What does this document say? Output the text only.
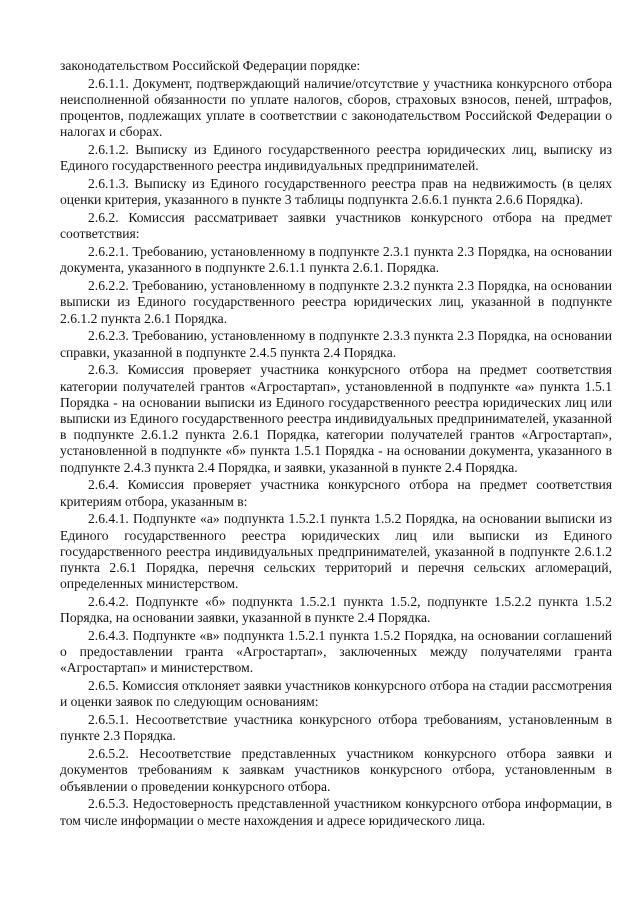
законодательством Российской Федерации порядке:

2.6.1.1. Документ, подтверждающий наличие/отсутствие у участника конкурсного отбора неисполненной обязанности по уплате налогов, сборов, страховых взносов, пеней, штрафов, процентов, подлежащих уплате в соответствии с законодательством Российской Федерации о налогах и сборах.

2.6.1.2. Выписку из Единого государственного реестра юридических лиц, выписку из Единого государственного реестра индивидуальных предпринимателей.

2.6.1.3. Выписку из Единого государственного реестра прав на недвижимость (в целях оценки критерия, указанного в пункте 3 таблицы подпункта 2.6.6.1 пункта 2.6.6 Порядка).

2.6.2. Комиссия рассматривает заявки участников конкурсного отбора на предмет соответствия:

2.6.2.1. Требованию, установленному в подпункте 2.3.1 пункта 2.3 Порядка, на основании документа, указанного в подпункте 2.6.1.1 пункта 2.6.1. Порядка.

2.6.2.2. Требованию, установленному в подпункте 2.3.2 пункта 2.3 Порядка, на основании выписки из Единого государственного реестра юридических лиц, указанной в подпункте 2.6.1.2 пункта 2.6.1 Порядка.

2.6.2.3. Требованию, установленному в подпункте 2.3.3 пункта 2.3 Порядка, на основании справки, указанной в подпункте 2.4.5 пункта 2.4 Порядка.

2.6.3. Комиссия проверяет участника конкурсного отбора на предмет соответствия категории получателей грантов «Агростартап», установленной в подпункте «а» пункта 1.5.1 Порядка - на основании выписки из Единого государственного реестра юридических лиц или выписки из Единого государственного реестра индивидуальных предпринимателей, указанной в подпункте 2.6.1.2 пункта 2.6.1 Порядка, категории получателей грантов «Агростартап», установленной в подпункте «б» пункта 1.5.1 Порядка - на основании документа, указанного в подпункте 2.4.3 пункта 2.4 Порядка, и заявки, указанной в пункте 2.4 Порядка.

2.6.4. Комиссия проверяет участника конкурсного отбора на предмет соответствия критериям отбора, указанным в:

2.6.4.1. Подпункте «а» подпункта 1.5.2.1 пункта 1.5.2 Порядка, на основании выписки из Единого государственного реестра юридических лиц или выписки из Единого государственного реестра индивидуальных предпринимателей, указанной в подпункте 2.6.1.2 пункта 2.6.1 Порядка, перечня сельских территорий и перечня сельских агломераций, определенных министерством.

2.6.4.2. Подпункте «б» подпункта 1.5.2.1 пункта 1.5.2, подпункте 1.5.2.2 пункта 1.5.2 Порядка, на основании заявки, указанной в пункте 2.4 Порядка.

2.6.4.3. Подпункте «в» подпункта 1.5.2.1 пункта 1.5.2 Порядка, на основании соглашений о предоставлении гранта «Агростартап», заключенных между получателями гранта «Агростартап» и министерством.

2.6.5. Комиссия отклоняет заявки участников конкурсного отбора на стадии рассмотрения и оценки заявок по следующим основаниям:

2.6.5.1. Несоответствие участника конкурсного отбора требованиям, установленным в пункте 2.3 Порядка.

2.6.5.2. Несоответствие представленных участником конкурсного отбора заявки и документов требованиям к заявкам участников конкурсного отбора, установленным в объявлении о проведении конкурсного отбора.

2.6.5.3. Недостоверность представленной участником конкурсного отбора информации, в том числе информации о месте нахождения и адресе юридического лица.
